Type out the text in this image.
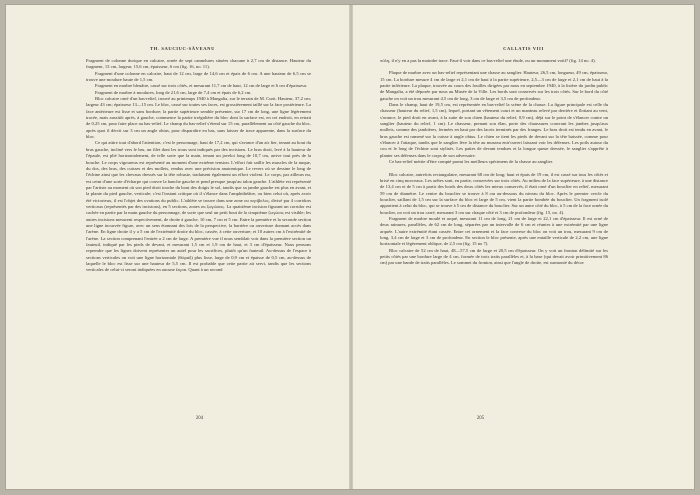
TH. SAUCIUC-SĂVEANU

Fragment de colonne dorique en calcaire, ornée de sept cannelures situées chacune à 2,7 cm de distance. Hauteur du fragment, 13 cm, largeur, 15,6 cm, épaisseur, 6 cm (fig. 16, no. 11).

Fragment d'une colonne en calcaire, haut de 12 cm, large de 14,6 cm et épais de 6 cm. A une hauteur de 6,5 cm se trouve une moulure haute de 1,5 cm.

Fragment en marbre bleuâtre, cassé sur trois côtés, et mesurant 11,7 cm de haut, 12 cm de large et 6 cm d'épaisseur.

Fragment de marbre à moulures, long de 21,6 cm, large de 7,4 cm et épais de 6,2 cm.

Bloc calcaire orné d'un bas-relief, trouvé au printemps 1940 à Mangalia, sur le terrain de M. Curti. Hauteur, 37,2 cm; largeur 43 cm; épaisseur 13—15 cm. Le bloc, cassé sur toutes ses faces, est grossièrement taillé sur la face postérieure. La face antérieure est lisse et sans bordure; la partie supérieure semble présenter, sur 17 cm de long, une ligne légèrement tracée, mais aussitôt après, à gauche, commence la partie irrégulière du bloc dont la surface est, en cet endroit, en retrait de 0,25 cm, pour faire place au bas-relief. Le champ du bas-relief s'étend sur 15 cm, parallèlement au côté gauche du bloc, après quoi il décrit sur 3 cm un angle obtus, pour disparaître en bas, sans laisser de trace apparente, dans la surface du bloc.

Ce qui attire tout d'abord l'attention, c'est le personnage, haut de 17,2 cm, qui s'avance d'un air fier, tenant au bout du bras gauche, incliné vers le bas, un filet dont les trous sont indiqués par des incisions. Le bras droit, levé à la hauteur de l'épaule, est plié horizontalement, de telle sorte que la main, tenant un javelot long de 10,7 cm, arrive tout près de la bouche. Le corps vigoureux est représenté au moment d'une extrême tension. L'effort fait saillir les muscles de la nuque, du dos, des bras, des cuisses et des mollets, rendus avec une précision anatomique. Le revers où se dessine le long de l'échine ainsi que les chevaux dressés sur la tête robuste, traduisent également un effort violent. Le corps, par ailleurs nu, est ceint d'une sorte d'écharpe qui couvre la hanche gauche et pend presque jusqu'au talon gauche. L'athlète est représenté par l'artiste au moment où son pied droit touche du bout des doigts le sol, tandis que sa jambe gauche est plus en avant, et la plante du pied gauche, verticale; c'est l'instant critique où il s'élance dans l'amphithéâtre, ou bien celui où, après avoir été victorieux, il est l'objet des ovations du public. L'athlète se trouve dans une zone ou περίβολος, divisé par 4 corridors verticaux (représentés par des incisions), en 5 sections, zones ou ζωγώσεις. La quatrième incision figurant un corridor est cachée en partie par la main gauche du personnage, de sorte que seul un petit bout de la cinquième ζωγώσις est visible; les autres incisions mesurent respectivement, de droite à gauche, 10 cm, 7 cm et 5 cm. Entre la première et la seconde section une ligne incurvée figure, avec un sens étonnant des lois de la perspective, la barrière ou ouverture donnant accès dans l'arène. En ligne droite il y a 5 cm de l'extrémité droite du bloc, cassée, à cette ouverture; et 10 autres cm à l'extrémité de l'arène. La section comprenant l'entrée a 2 cm de large. A première vue il nous semblait voir dans la première section un fauteuil, indiqué par les pieds de devant, et mesurant 1,5 cm et 1,9 cm de haut, et 3 cm d'épaisseur. Nous pensons reprendre que les lignes doivent représenter un autel pour les sacrifices, plutôt qu'un fauteuil. Au-dessus de l'espace à sections verticales on voit une ligne horizontale (θώραξ) plus lisse, large de 0,9 cm et épaisse de 0,5 cm, au-dessus de laquelle le bloc est lisse sur une hauteur de 5,5 cm. Il est probable que cette partie ait servi, tandis que les sections verticales de celui-ci seront indiquées en aucune façon. Quant à un second

204
CALLATIS VIII

πύλη, il n'y en a pas la moindre trace. Faut-il voir dans ce bas-relief une étude, ou un monument votif? (fig. 14 no. 4).

Plaque de marbre avec un bas-relief représentant une chasse au sanglier. Hauteur, 26,5 cm, longueur, 49 cm, épaisseur, 15 cm. La bordure mesure 4 cm de large et 2,1 cm de haut à la partie supérieure, 2,5—3 cm de large et 2,1 cm de haut à la partie inférieure. La plaque, trouvée au cours des fouilles dirigées par nous en septembre 1940, à la lisière du jardin public de Mangalia, a été déposée par nous au Musée de la Ville. Les bords sont conservés sur les trois côtés. Sur le bord du côté gauche on voit un trou mesurant 4,5 cm de long, 3 cm de large et 3,5 cm de profondeur.

Dans le champ, haut de 19,5 cm, est représentée en bas-relief la scène de la chasse. La figure principale est celle du chasseur (hauteur du relief, 1,5 cm), lequel, portant un vêtement court et un manteau relevé par derrière et flottant au vent, s'avance, le pied droit en avant, à la suite de son chien (hauteur du relief, 0,9 cm), déjà sur le point de s'élancer contre un sanglier (hauteur du relief, 1 cm). Le chasseur, prenant son élan, porte des chaussures couvrant les jambes jusqu'aux mollets, comme des jambières, fermées en haut par des lacets terminés par des franges. Le bras droit est tendu en avant, le bras gauche est ramené sur la cuisse à angle obtus. Le chien se tient les pieds de devant sur la tête baissée, comme pour s'élancer à l'attaque, tandis que le sanglier lève la tête au museau entr'ouvert laissant voir les défenses. Les poils autour du cou et le long de l'échine sont stylisés. Les pattes de devant tendues et la longue queue dressée, le sanglier s'apprête à planter ses défenses dans le corps de son adversaire.

Ce bas-relief mérite d'être compté parmi les meilleurs spécimens de la chasse au sanglier.

Bloc calcaire, autrefois rectangulaire, mesurant 68 cm de long; haut et épais de 19 cm, il est cassé sur tous les côtés et brisé en cinq morceaux. Les arêtes sont, en partie, conservées sur trois côtés. Au milieu de la face supérieure, à une distance de 13,4 cm et de 5 cm à partir des bords des deux côtés les mieux conservés, il était orné d'un bouclier en relief, mesurant 59 cm de diamètre. Le centre du bouclier se trouve à 8 cm au-dessous du niveau du bloc. Après le premier cercle du bouclier, saillant de 1,5 cm sur la surface du bloc et large de 5 cm, vient la partie bombée du bouclier. Un fragment isolé appartient à celui du bloc, qui se trouve à 5 cm de distance du bouclier. Sur un autre côté du bloc, à 5 cm de la face ornée du bouclier, on voit un trou carré, mesurant 3 cm sur chaque côté et 3 cm de profondeur (fig. 15, no. 4).

Fragment de marbre moulé et arqué, mesurant 11 cm de long, 21 cm de large et 22,1 cm d'épaisseur. Il est orné de deux rainures, parallèles, de 62 cm de long, séparées par un intervalle de 6 cm et réunies à une extrémité par une ligne arquée. L'autre extrémité étant cassée. Entre cet ornement et la face convexe du bloc on voit un trou, mesurant 9 cm de long, 3,4 cm de large et 3 cm de profondeur. En section le bloc présente, après une entaille verticale de 2,2 cm, une ligne horizontale et légèrement oblique, de 2,5 cm (fig. 15 no 7).

Bloc calcaire de 52 cm de haut, 48—57,5 cm de large et 20,5 cm d'épaisseur. On y voit un fronton délimité sur les petits côtés par une bordure large de 4 cm, formée de trois traits parallèles et, à la base (qui devait avoir primitivement 86 cm) par une bande de traits parallèles. Le sommet du fronton, ainsi que l'angle de droite, est surmonté du décor

205
